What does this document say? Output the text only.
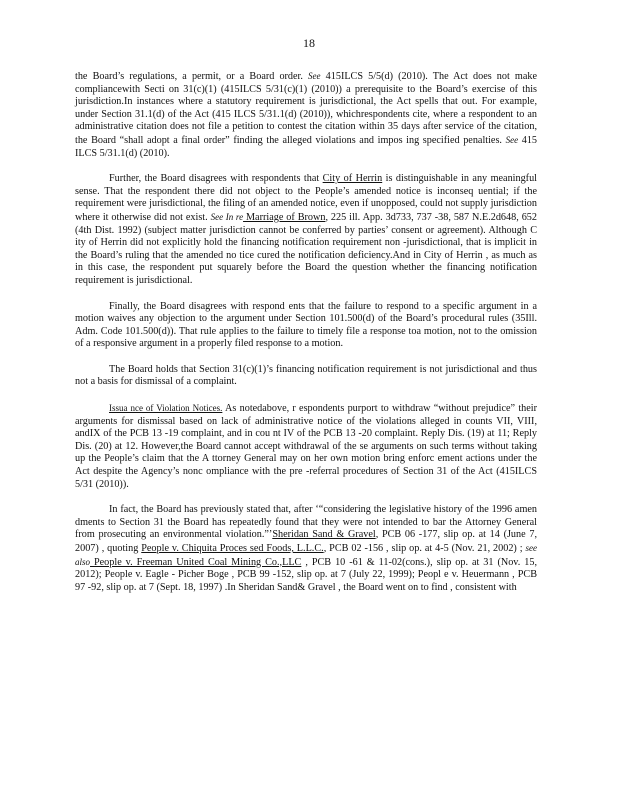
18

the Board’s regulations, a permit, or a Board order. See 415ILCS 5/5(d) (2010). The Act does not make compliancewith Secti on 31(c)(1) (415ILCS 5/31(c)(1) (2010)) a prerequisite to the Board’s exercise of this jurisdiction.In instances where a statutory requirement is jurisdictional, the Act spells that out. For example, under Section 31.1(d) of the Act (415 ILCS 5/31.1(d) (2010)), whichrespondents cite, where a respondent to an administrative citation does not file a petition to contest the citation within 35 days after service of the citation, the Board “shall adopt a final order” finding the alleged violations and impos ing specified penalties. See 415 ILCS 5/31.1(d) (2010).

Further, the Board disagrees with respondents that City of Herrin is distinguishable in any meaningful sense. That the respondent there did not object to the People’s amended notice is inconseq uential; if the requirement were jurisdictional, the filing of an amended notice, even if unopposed, could not supply jurisdiction where it otherwise did not exist. See In re Marriage of Brown, 225 ill. App. 3d733, 737 -38, 587 N.E.2d648, 652 (4th Dist. 1992) (subject matter jurisdiction cannot be conferred by parties’ consent or agreement). Although C ity of Herrin did not explicitly hold the financing notification requirement non -jurisdictional, that is implicit in the Board’s ruling that the amended no tice cured the notification deficiency.And in City of Herrin , as much as in this case, the respondent put squarely before the Board the question whether the financing notification requirement is jurisdictional.

Finally, the Board disagrees with respond ents that the failure to respond to a specific argument in a motion waives any objection to the argument under Section 101.500(d) of the Board’s procedural rules (35Ill. Adm. Code 101.500(d)). That rule applies to the failure to timely file a response toa motion, not to the omission of a responsive argument in a properly filed response to a motion.

The Board holds that Section 31(c)(1)’s financing notification requirement is not jurisdictional and thus not a basis for dismissal of a complaint.

Issua nce of Violation Notices. As notedabove, r espondents purport to withdraw “without prejudice” their arguments for dismissal based on lack of administrative notice of the violations alleged in counts VII, VIII, andIX of the PCB 13 -19 complaint, and in cou nt IV of the PCB 13 -20 complaint. Reply Dis. (19) at 11; Reply Dis. (20) at 12. However,the Board cannot accept withdrawal of the se arguments on such terms without taking up the People’s claim that the A ttorney General may on her own motion bring enforc ement actions under the Act despite the Agency’s nonc ompliance with the pre -referral procedures of Section 31 of the Act (415ILCS 5/31 (2010)).

In fact, the Board has previously stated that, after ‘“considering the legislative history of the 1996 amen dments to Section 31 the Board has repeatedly found that they were not intended to bar the Attorney General from prosecuting an environmental violation.”’Sheridan Sand & Gravel, PCB 06 -177, slip op. at 14 (June 7, 2007) , quoting People v. Chiquita Proces sed Foods, L.L.C., PCB 02 -156 , slip op. at 4-5 (Nov. 21, 2002) ; see also People v. Freeman United Coal Mining Co.,LLC , PCB 10 -61 & 11-02(cons.), slip op. at 31 (Nov. 15, 2012); People v. Eagle - Picher Boge , PCB 99 -152, slip op. at 7 (July 22, 1999); Peopl e v. Heuermann , PCB 97 -92, slip op. at 7 (Sept. 18, 1997) .In Sheridan Sand& Gravel , the Board went on to find , consistent with
